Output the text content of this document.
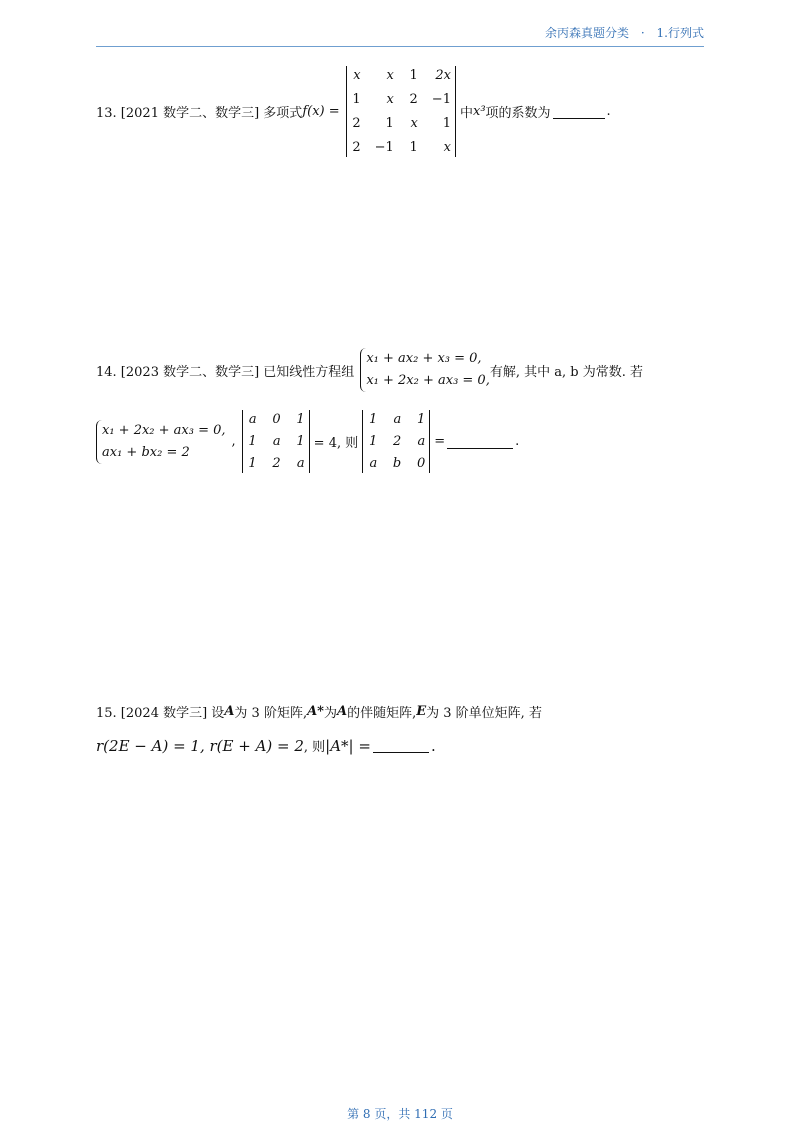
余丙森真题分类 · 1.行列式
13. [2021 数学二、数学三] 多项式 f(x) =
x	x 1 2x
1	x 2 −1
2	1 x	1
2 −1 1	x
中 x³ 项的系数为	.
14. [2023 数学二、数学三] 已知线性方程组
x₁ + ax₂ + x₃ = 0,
x₁ + 2x₂ + ax₃ = 0,
有解, 其中 a, b 为常数. 若
x₁ + 2x₂ + ax₃ = 0,
ax₁ + bx₂ = 2
,
a 0 1
1 a 1
1 2 a
= 4, 则
1 a 1
1 2 a
a b 0
=	.
15. [2024 数学三] 设 A 为 3 阶矩阵, A* 为 A 的伴随矩阵, E 为 3 阶单位矩阵, 若
r(2E − A) = 1, r(E + A) = 2 , 则 |A*| =	.
第 8 页，共 112 页
